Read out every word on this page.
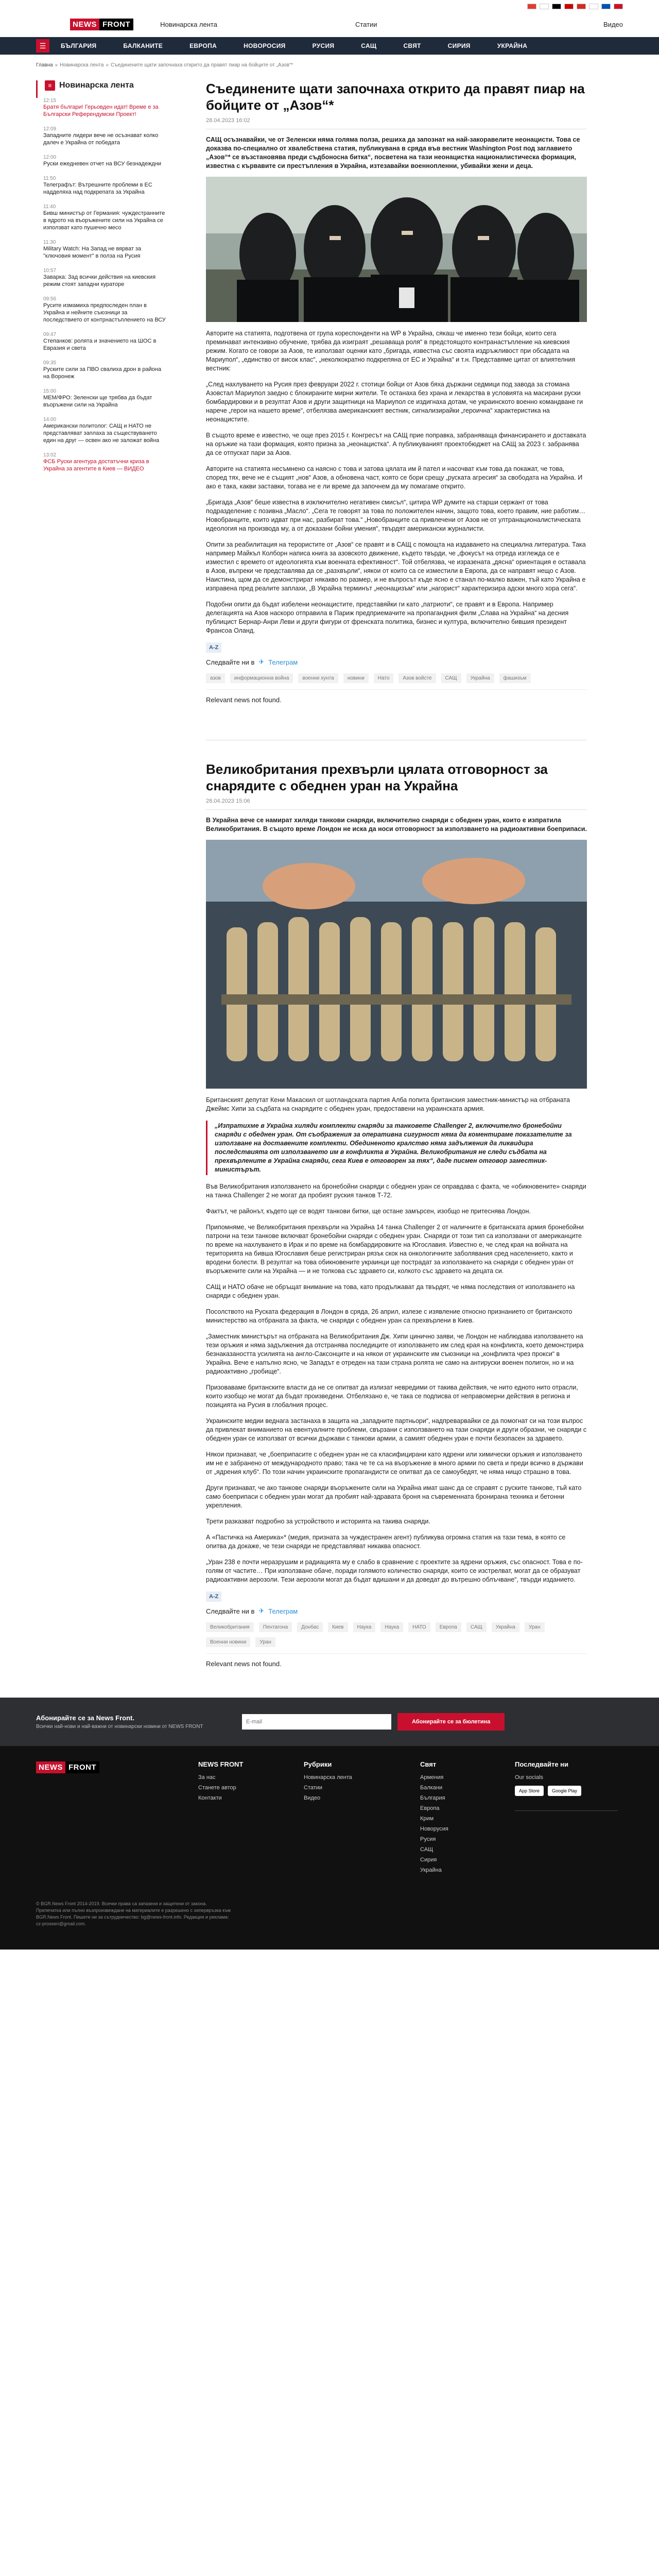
NEWS FRONT	Новинарска лента	Статии	Видео
☰	БЪЛГАРИЯ	БАЛКАНИТЕ	ЕВРОПА	НОВОРОСИЯ	РУСИЯ	САЩ	СВЯТ	СИРИЯ	УКРАЙНА
Главна » Новинарска лента » Съединените щати започнаха открито да правят пиар на бойците от „Азов“*
≡ Новинарска лента
12:15
Братя българи! Герьовден идат! Време е за Български Референдумски Проект!
12:09
Западните лидери вече не осъзнават колко далеч е Украйна от победата
12:00
Руски ежедневен отчет на ВСУ безнадеждни
11:50
Телеграфът: Вътрешните проблеми в ЕС надделяха над подкрепата за Украйна
11:40
Бивш министър от Германия: чуждестранните в ядрото на въоръжените сили на Украйна се използват като пушечно месо
11:30
Military Watch: На Запад не вярват за "ключовия момент" в полза на Русия
10:57
Заварка: Зад всички действия на киевския режим стоят западни кураторе
09:56
Русите измамиха предпоследен план в Украйна и нейните съюзници за последствието от контрнастъплението на ВСУ
09:47
Степанков: ролята и значението на ШОС в Евразия и света
09:35
Руските сили за ПВО свалиха дрон в района на Воронеж
15:00
МЕМ/ФРО: Зеленски ще трябва да бъдат въоръжени сили на Украйна
14:00
Американски политолог: САЩ и НАТО не представляват заплаха за съществуването един на друг — освен ако не заложат война
13:02
ФСБ Руски агентура достатъчни криза в Украйна за агентите в Киев — ВИДЕО
Съединените щати започнаха открито да правят пиар на бойците от „Азов“*
28.04.2023 16:02

САЩ осъзнавайки, че от Зеленски няма голяма полза, решиха да запознат на най-закоравелите неонацисти. Това се доказва по-специално от хвалебствена статия, публикувана в сряда във вестник Washington Post под заглавието „Азов“* се възстановява преди съдбоносна битка“, посветена на тази неонацистка националистическа формация, известна с кървавите си престъпления в Украйна, изтезавайки военнопленни, убивайки жени и деца.

Авторите на статията, подготвена от група кореспонденти на WP в Украйна, сякаш че именно тези бойци, които сега преминават интензивно обучение, трябва да изиграят „решаваща роля“ в предстоящото контранастъпление на киевския режим. Когато се говори за Азов, те използват оценки като „бригада, известна със своята издръжливост при обсадата на Мариупол“, „единство от висок клас“, „неколкократно подкрепяна от ЕС и Украйна“ и т.н. Представяме цитат от влиятелния вестник:

„След нахлуването на Русия през февруари 2022 г. стотици бойци от Азов бяха държани седмици под завода за стомана Азовстал Мариупол заедно с блокираните мирни жители. Те останаха без храна и лекарства в условията на масирани руски бомбардировки и в резултат Азов и други защитници на Мариупол се издигнаха дотам, че украинското военно командване ги нарече „герои на нашето време“, отбелязва американският вестник, сигнализирайки „героична“ характеристика на неонацистите.

В същото време е известно, че още през 2015 г. Конгресът на САЩ прие поправка, забраняваща финансирането и доставката на оръжие на тази формация, която призна за „неонацистка“. А публикуваният проектобюджет на САЩ за 2023 г. забранява да се отпускат пари за Азов.

Авторите на статията несъмнено са наясно с това и затова цялата им й пател и насочват към това да покажат, че това, според тях, вече не е същият „нов“ Азов, а обновена част, която се бори срещу „руската агресия“ за свободата на Украйна. И ако е така, какви заставки, тогава не е ли време да започнем да му помагаме открито.

„Бригада „Азов“ беше известна в изключително негативен смисъл“, цитира WP думите на старши сержант от това подразделение с позивна „Масло“. „Сега те говорят за това по положителен начин, защото това, което правим, ние работим… Новобранците, които идват при нас, разбират това.“ „Новобранците са привлечени от Азов не от ултранационалистическата идеология на производа му, а от доказани бойни умения“, твърдят американски журналисти.

Опити за реабилитация на терористите от „Азов“ се правят и в САЩ с помощта на издаването на специална литература. Така например Майкъл Колборн написа книга за азовското движение, където твърди, че „фокусът на отреда изглежда се е изместил с времето от идеологията към военната ефективност“. Той отбелязва, че изразената „дясна“ ориентация е оставала в Азов, въпреки че представлява да се „разхвърли“, някои от които са се изместили в Европа, да се направят нещо с Азов. Наистина, щом да се демонстрират някакво по размер, и не въпросът къде ясно е станал по-малко важен, тъй като Украйна е изправена пред реалите заплахи, „В Украйна терминът „неонацизъм“ или „нагорист“ характеризира адски много хора сега“.

Подобни опити да бъдат избелени неонацистите, представяйки ги като „патриоти“, се правят и в Европа. Например делегацията на Азов наскоро отправила в Париж предприемачите на пропагандния филм „Слава на Украйна“ на десния публицист Бернар-Анри Леви и други фигури от френската политика, бизнес и култура, включително бившия президент Франсоа Оланд.

A-Z
Следвайте ни в ✈ Телеграм
азов	информационна война	военни хунта	новини	Нато	Азов войсте	САЩ	Украйна	фашизъм
Relevant news not found.
Великобритания прехвърли цялата отговорност за снарядите с обеднен уран на Украйна
28.04.2023 15:06

В Украйна вече се намират хиляди танкови снаряди, включително снаряди с обеднен уран, които е изпратила Великобритания. В същото време Лондон не иска да носи отговорност за използването на радиоактивни боеприпаси.

Британският депутат Кени Макаскил от шотландската партия Алба попита британския заместник-министър на отбраната Джеймс Хипи за съдбата на снарядите с обеднен уран, предоставени на украинската армия.

„Изпратихме в Украйна хиляди комплекти снаряди за танковете Challenger 2, включително бронебойни снаряди с обеднен уран. От съображения за оперативна сигурност няма да коментираме показателите за използване на доставените комплекти. Обединеното кралство няма задължения да ликвидира последствията от използването им в конфликта в Украйна. Великобритания не следи съдбата на прехвърлените в Украйна снаряди, сега Киев е отговорен за тях“, даде писмен отговор заместник-министърът.

Във Великобритания използването на бронебойни снаряди с обеднен уран се оправдава с факта, че «обикновените» снаряди на танка Challenger 2 не могат да пробият руския танков Т-72.

Фактът, че районът, където ще се водят танкови битки, ще остане замърсен, изобщо не притеснява Лондон.

Припомняме, че Великобритания прехвърли на Украйна 14 танка Challenger 2 от наличните в британската армия бронебойни патрони на тези танкове включват бронебойни снаряди с обеднен уран. Снаряди от този тип са използвани от американците по време на нахлуването в Ирак и по време на бомбардировките на Югославия. Известно е, че след края на войната на територията на бивша Югославия беше регистриран рязък скок на онкологичните заболявания сред населението, както и вродени болести. В резултат на това обикновените украинци ще пострадат за използването на снаряди с обеднен уран от въоръжените сили на Украйна — и не толкова със здравето си, колкото със здравето на децата си.

САЩ и НАТО обаче не обръщат внимание на това, като продължават да твърдят, че няма последствия от използването на снаряди с обеднен уран.

Посолството на Руската федерация в Лондон в сряда, 26 април, излезе с изявление относно признанието от британското министерство на отбраната за факта, че снаряди с обеднен уран са прехвърлени в Киев.

„Заместник министърът на отбраната на Великобритания Дж. Хипи цинично заяви, че Лондон не наблюдава използването на тези оръжия и няма задължения да отстранява последиците от използването им след края на конфликта, което демонстрира безнаказаността усилията на англо-Саксонците и на някои от украинските им съюзници на „конфликта чрез прокси“ в Украйна. Вече е напълно ясно, че Западът е отреден на тази страна ролята не само на антируски военен полигон, но и на радиоактивно „гробище“.

Призоваваме британските власти да не се опитват да излизат невредими от такива действия, че нито едното нито отрасли, които изобщо не могат да бъдат произведени. Отбелязано е, че така се подписва от неправомерни действия в региона и позицията на Русия в глобалния процес.

Украинските медии веднага застанаха в защита на „западните партньори“, надпреварвайки се да помогнат си на този въпрос да привлекат вниманието на евентуалните проблеми, свързани с използването на тази снаряди и други образни, че снаряди с обеднен уран се използват от всички държави с танкови армии, а самият обеднен уран е почти безопасен за здравето.

Някои признават, че „боеприпасите с обеднен уран не са класифицирани като ядрени или химически оръжия и използването им не е забранено от международното право; така че те са на въоръжение в много армии по света и преди всичко в държави от „ядрения клуб“. По този начин украинските пропагандисти се опитват да се самоубедят, че няма нищо страшно в това.

Други признават, че ако танкове снаряди въоръжените сили на Украйна имат шанс да се справят с руските танкове, тъй като само боеприпаси с обеднен уран могат да пробият най-здравата броня на съвременната бронирана техника и бетонни укрепления.

Трети разказват подробно за устройството и историята на такива снаряди.

А «Пастичка на Америка»* (медия, призната за чуждестранен агент) публикува огромна статия на тази тема, в която се опитва да докаже, че тези снаряди не представляват никаква опасност.

„Уран 238 е почти неразрушим и радиацията му е слабо в сравнение с проектите за ядрени оръжия, със опасност. Това е по-голям от частите… При използване обаче, поради голямото количество снаряди, които се изстрелват, могат да се образуват радиоактивни аерозоли. Тези аерозоли могат да бъдат вдишани и да доведат до вътрешно облъчване“, твърди изданието.

A-Z
Следвайте ни в ✈ Телеграм
Великобритания	Пентагона	Донбас	Киев	Наука	Наука	НАТО	Европа	САЩ	Украйна	Уран
Военни новини	Уран
Relevant news not found.
Абонирайте се за News Front.
Всички най-нови и най-важни от новинарски новини от NEWS FRONT
E-mail
Абонирайте се за бюлетина
NEWS FRONT	NEWS FRONT
За нас
Станете автор
Контакти
Рубрики
Новинарска лента
Статии
Видео
Свят
Армения
Балкани
България
Европа
Крим
Новорусия
Русия
САЩ
Сирия
Украйна
Последвайте ни
Our socials
App Store	Google Play
© BGR.News Front 2014-2019. Всички права са запазени и защитени от закона. Препечатка или пълно възпроизвеждане на материалите е разрешено с хипервръзка към BGR.News Front. Пишете ни за сътрудничество: bg@news-front.info. Редакция и реклама: cz-proseen@gmail.com.
